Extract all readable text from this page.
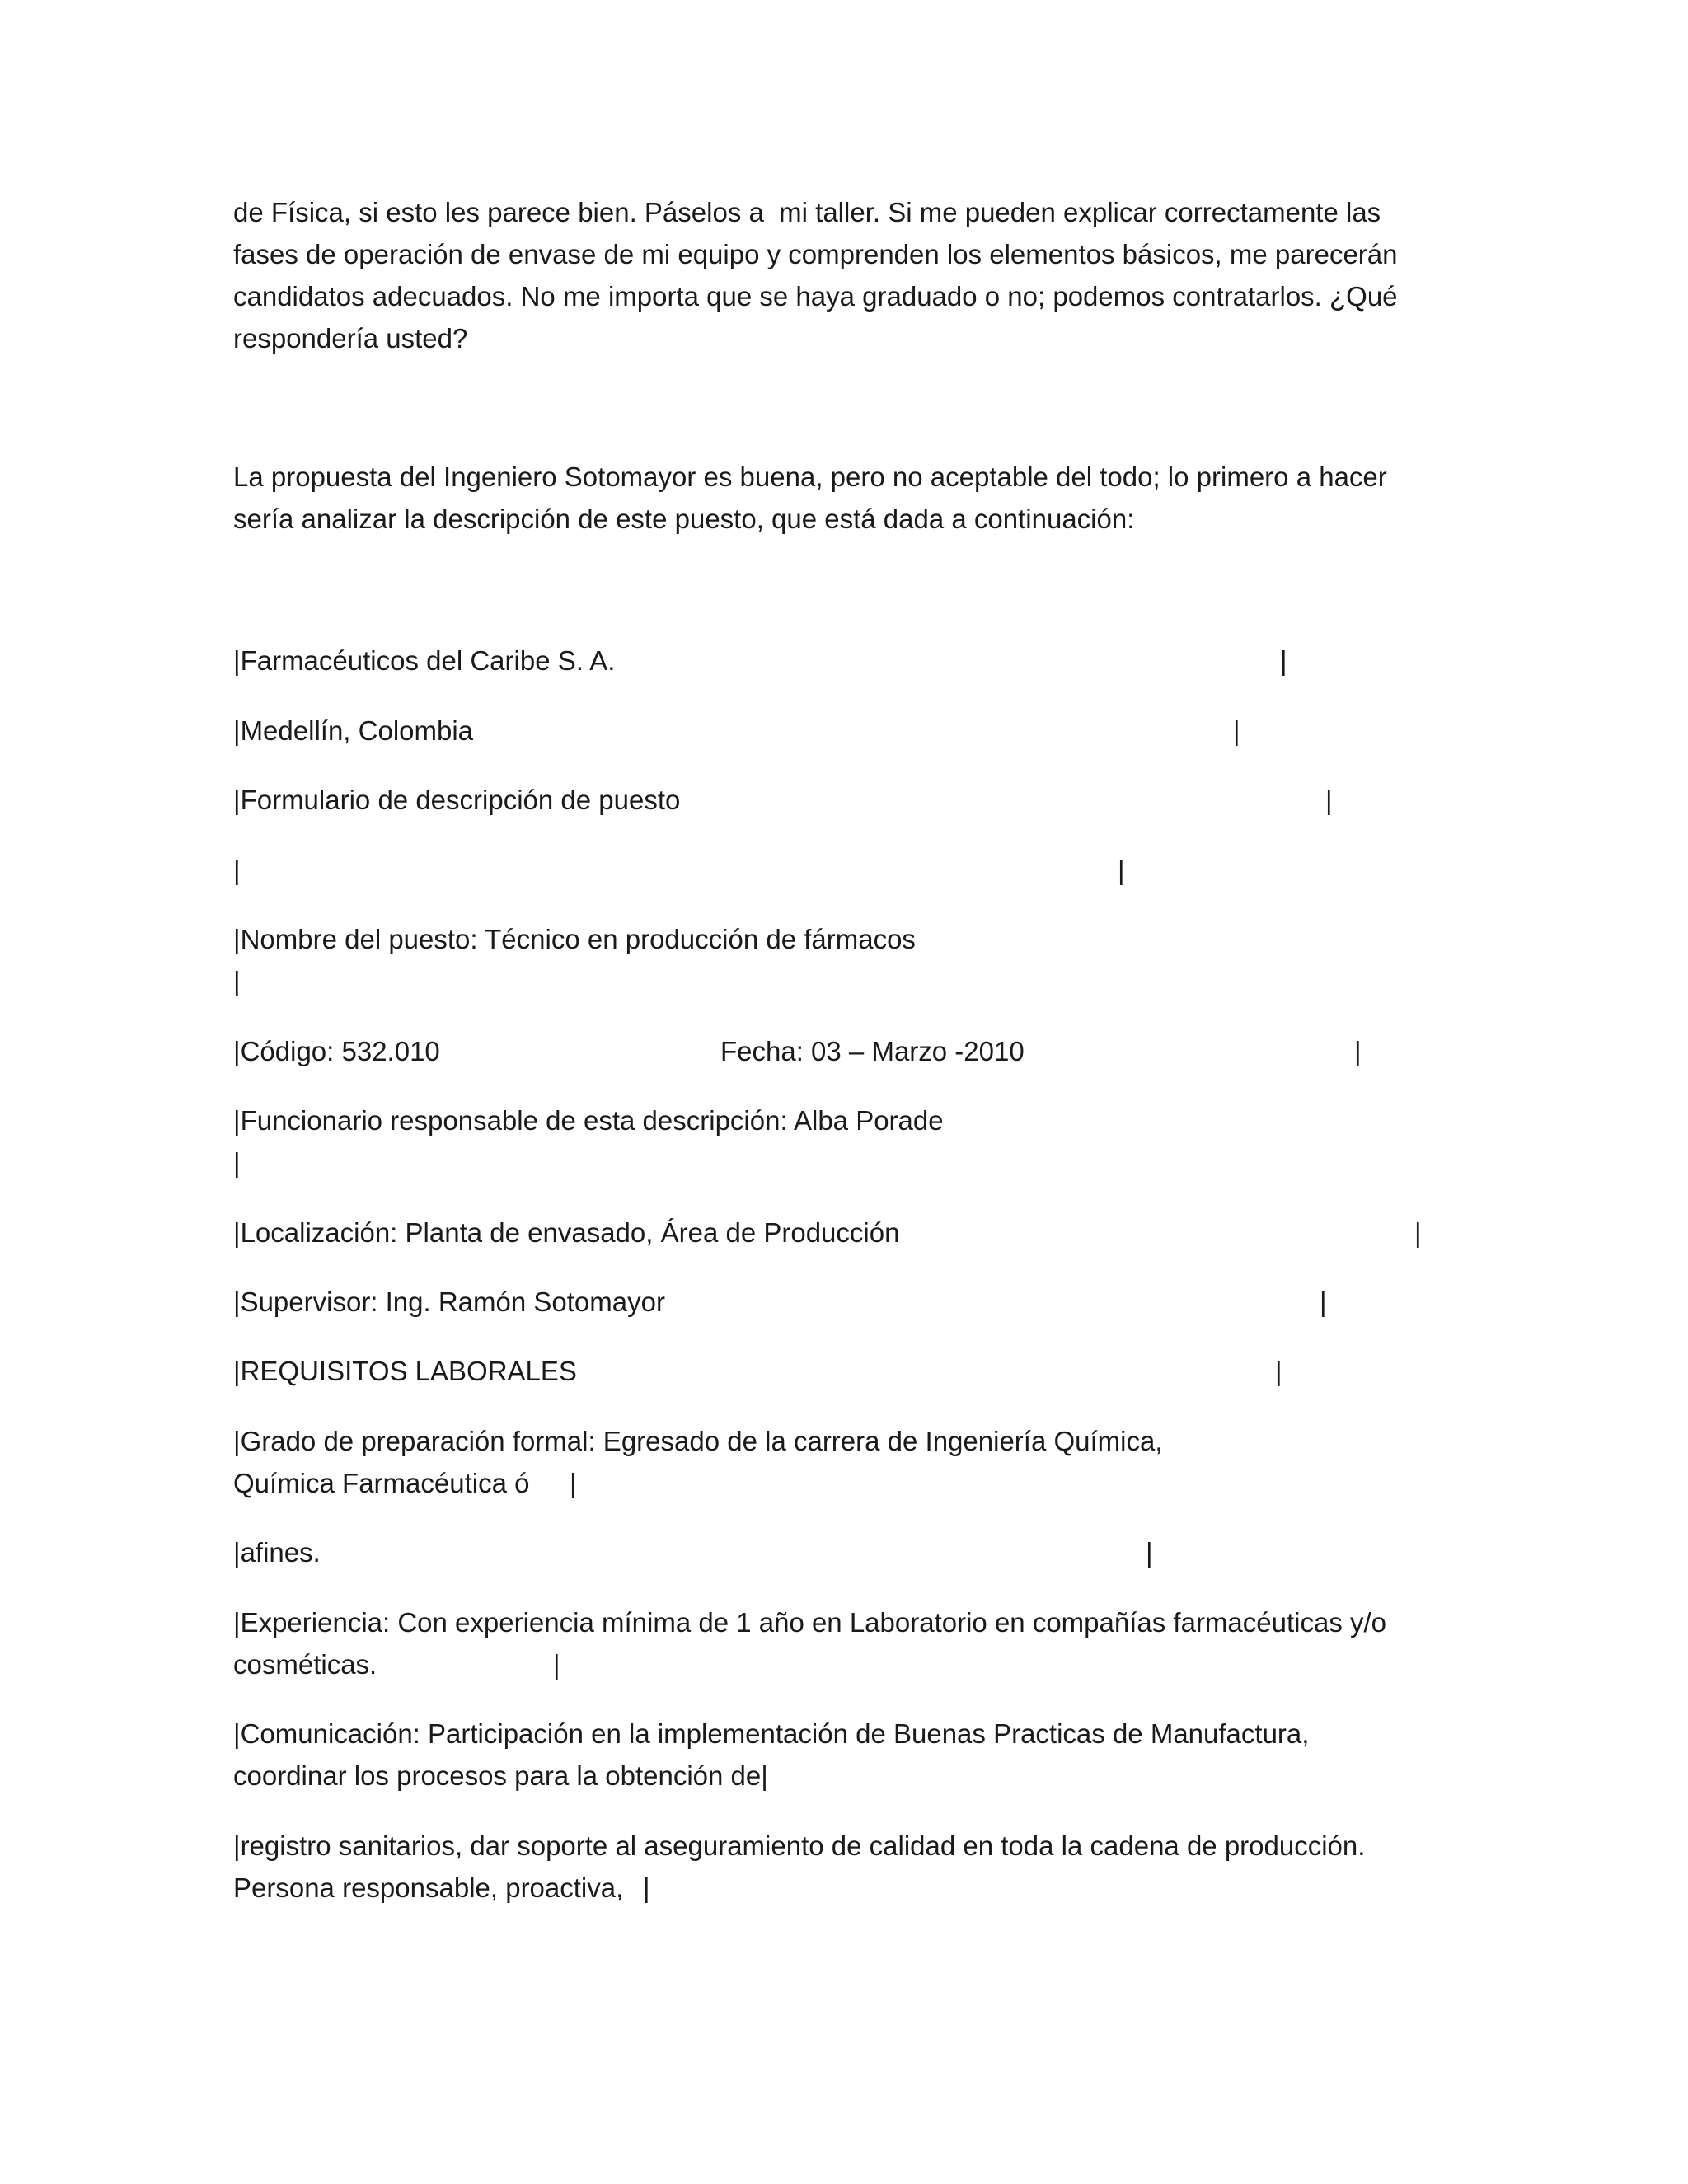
de Física, si esto les parece bien. Páselos a  mi taller. Si me pueden explicar correctamente las
fases de operación de envase de mi equipo y comprenden los elementos básicos, me parecerán
candidatos adecuados. No me importa que se haya graduado o no; podemos contratarlos. ¿Qué
respondería usted?
La propuesta del Ingeniero Sotomayor es buena, pero no aceptable del todo; lo primero a hacer
sería analizar la descripción de este puesto, que está dada a continuación:
|Farmacéuticos del Caribe S. A.	|
|Medellín, Colombia	|
|Formulario de descripción de puesto	|
|	|
|Nombre del puesto: Técnico en producción de fármacos
|
|Código: 532.010	Fecha: 03 – Marzo -2010	|
|Funcionario responsable de esta descripción: Alba Porade
|
|Localización: Planta de envasado, Área de Producción	|
|Supervisor: Ing. Ramón Sotomayor	|
|REQUISITOS LABORALES	|
|Grado de preparación formal: Egresado de la carrera de Ingeniería Química,
Química Farmacéutica ó |
|afines.	|
|Experiencia: Con experiencia mínima de 1 año en Laboratorio en compañías farmacéuticas y/o
cosméticas.	|
|Comunicación: Participación en la implementación de Buenas Practicas de Manufactura,
coordinar los procesos para la obtención de|
|registro sanitarios, dar soporte al aseguramiento de calidad en toda la cadena de producción.
Persona responsable, proactiva, |
